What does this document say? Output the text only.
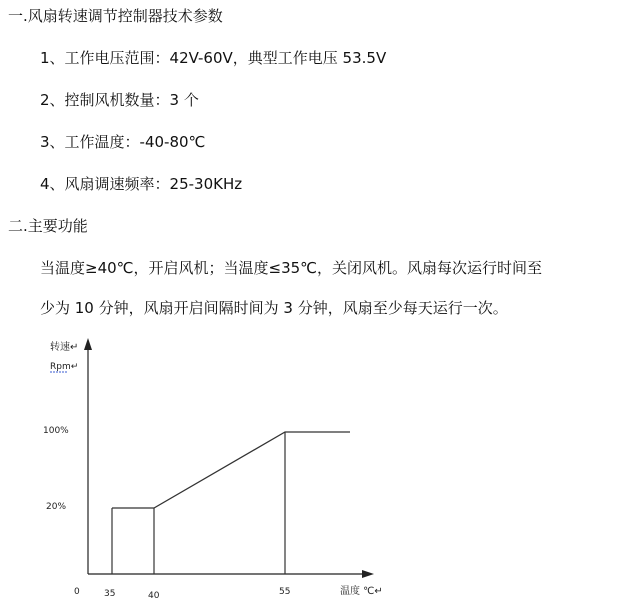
一.风扇转速调节控制器技术参数
1、工作电压范围：42V-60V，典型工作电压 53.5V
2、控制风机数量：3 个
3、工作温度：-40-80℃
4、风扇调速频率：25-30KHz
二.主要功能
当温度≥40℃，开启风机；当温度≤35℃，关闭风机。风扇每次运行时间至
少为 10 分钟，风扇开启间隔时间为 3 分钟，风扇至少每天运行一次。
转速↵
Rpm↵
100%
20%
0	35	40	55	温度 ℃↵
